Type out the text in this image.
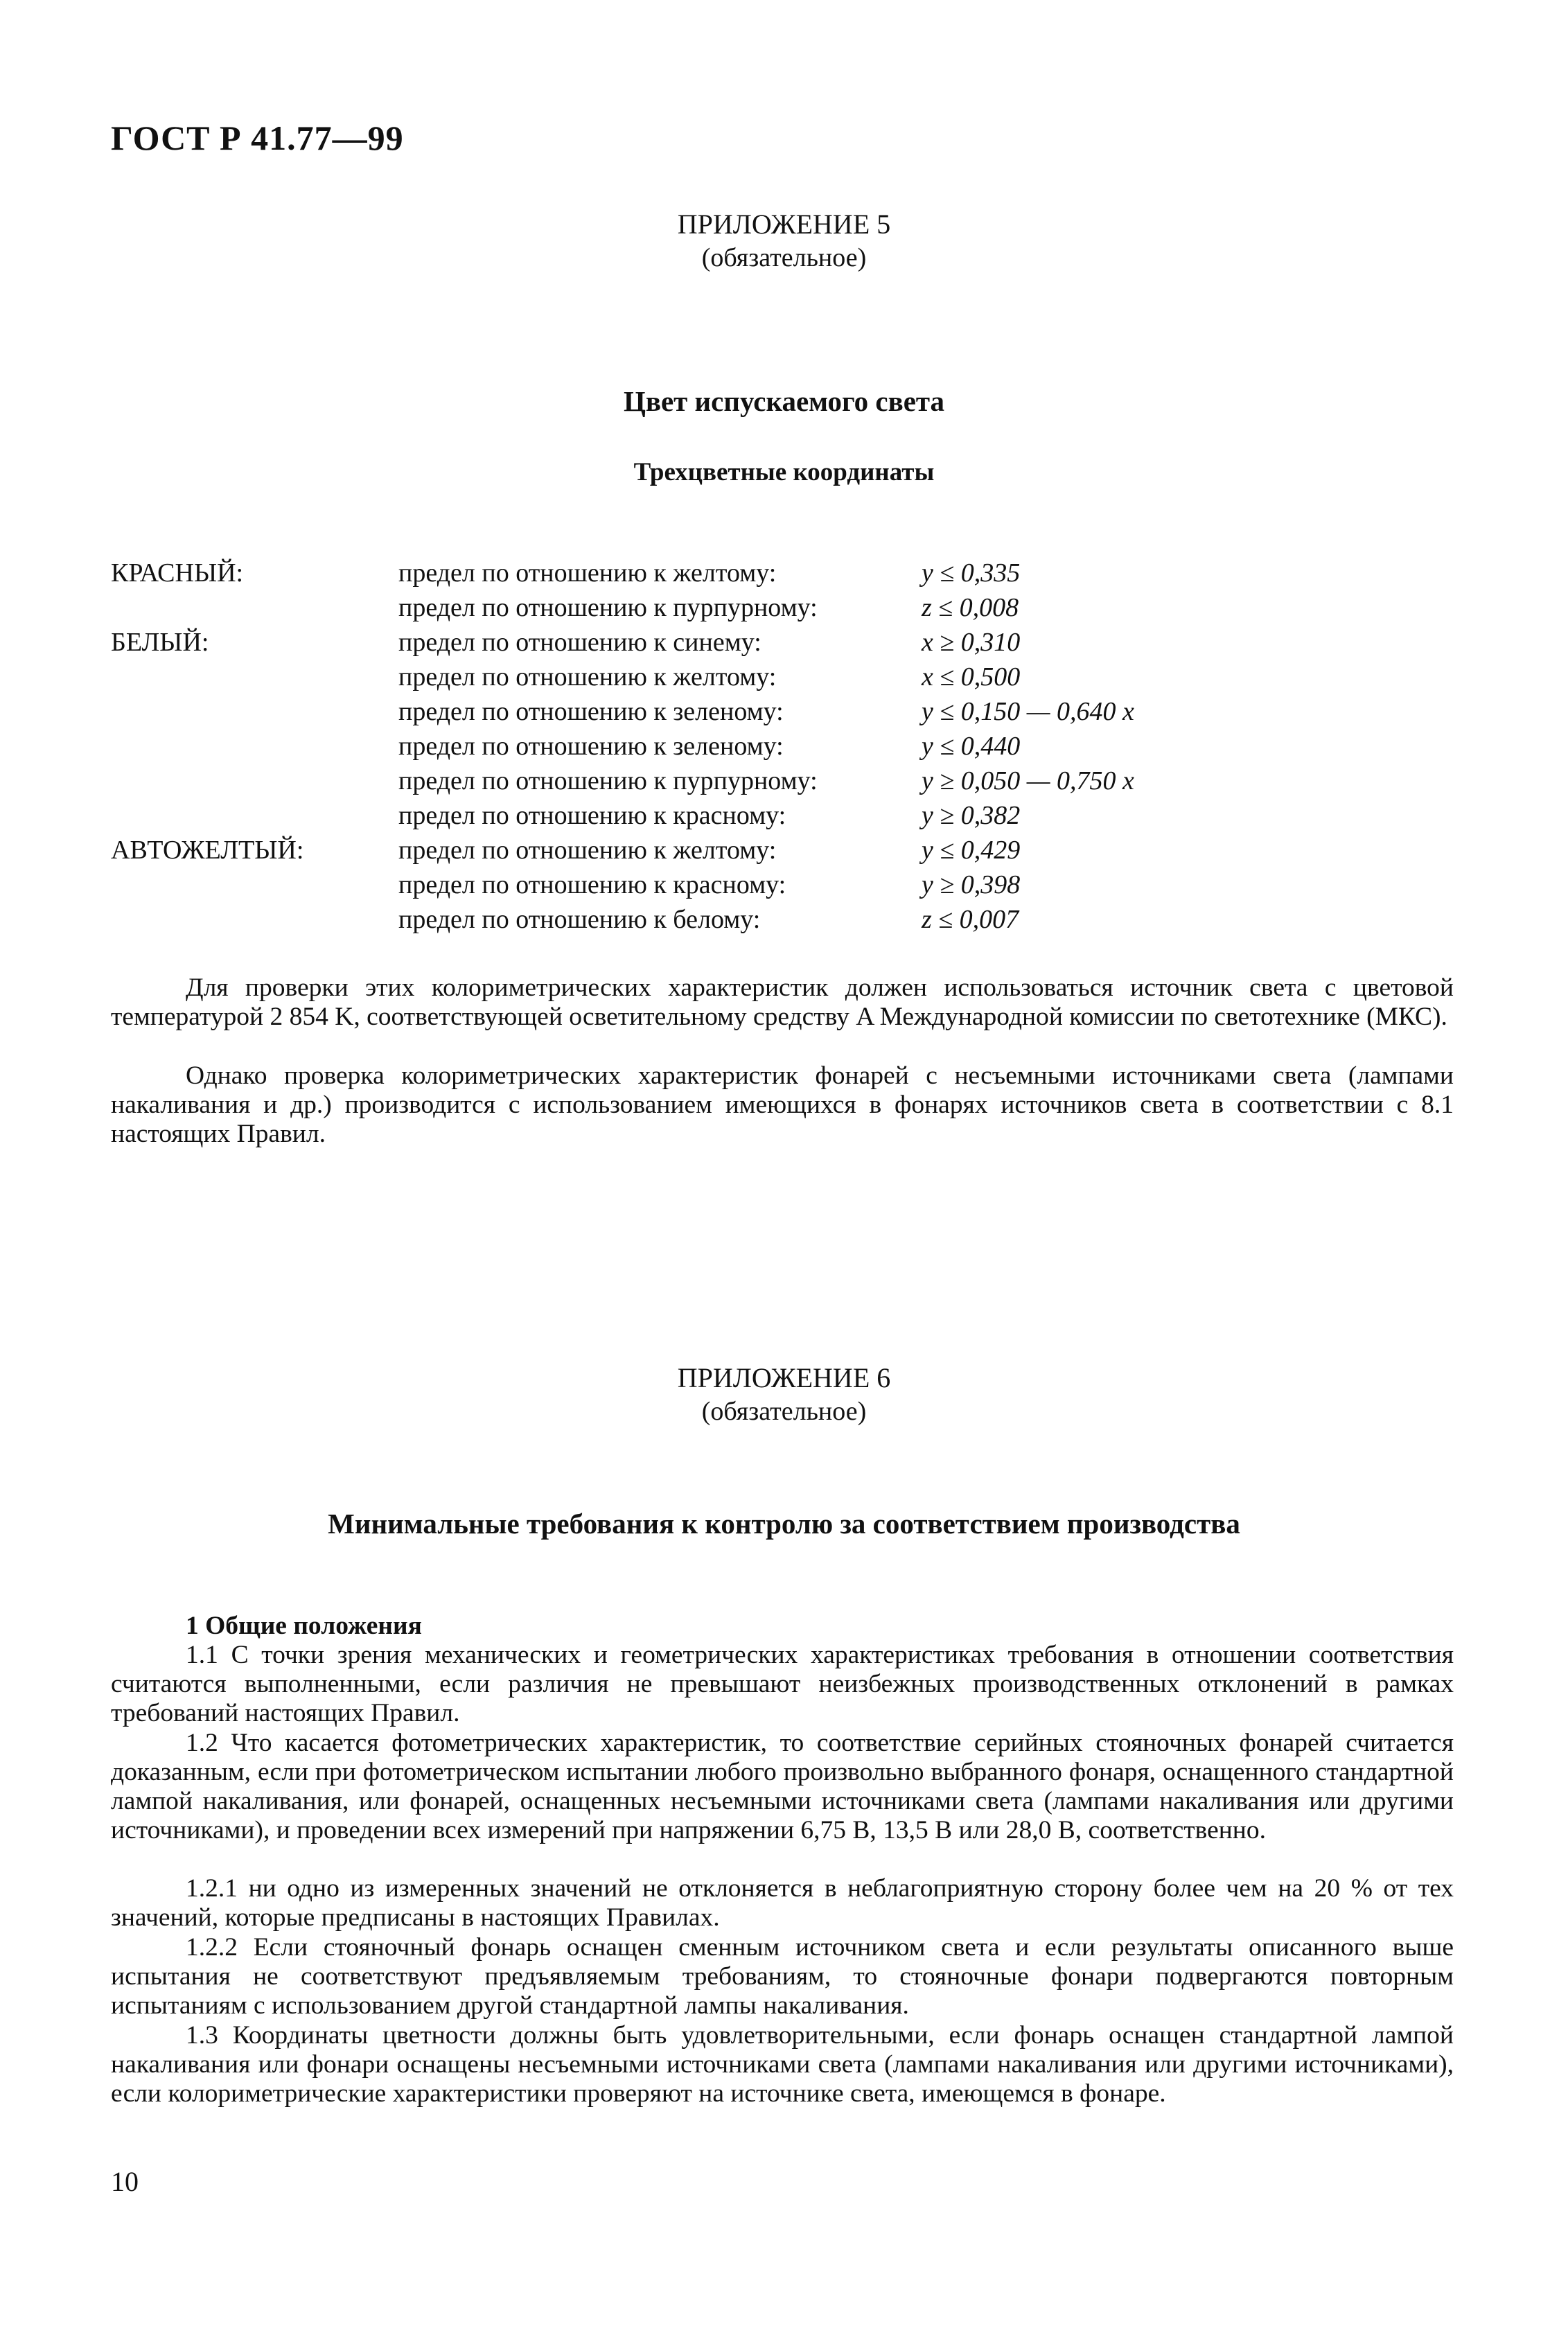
ГОСТ Р 41.77—99
ПРИЛОЖЕНИЕ 5
(обязательное)
Цвет испускаемого света
Трехцветные координаты
КРАСНЫЙ:	предел по отношению к желтому:	y ≤ 0,335
предел по отношению к пурпурному:	z ≤ 0,008
БЕЛЫЙ:	предел по отношению к синему:	x ≥ 0,310
предел по отношению к желтому:	x ≤ 0,500
предел по отношению к зеленому:	y ≤ 0,150 — 0,640 x
предел по отношению к зеленому:	y ≤ 0,440
предел по отношению к пурпурному:	y ≥ 0,050 — 0,750 x
предел по отношению к красному:	y ≥ 0,382
АВТОЖЕЛТЫЙ:	предел по отношению к желтому:	y ≤ 0,429
предел по отношению к красному:	y ≥ 0,398
предел по отношению к белому:	z ≤ 0,007
Для проверки этих колориметрических характеристик должен использоваться источник света с цветовой температурой 2 854 K, соответствующей осветительному средству A Международной комиссии по светотехнике (МКС).
Однако проверка колориметрических характеристик фонарей с несъемными источниками света (лампами накаливания и др.) производится с использованием имеющихся в фонарях источников света в соответствии с 8.1 настоящих Правил.
ПРИЛОЖЕНИЕ 6
(обязательное)
Минимальные требования к контролю за соответствием производства
1 Общие положения
1.1 С точки зрения механических и геометрических характеристиках требования в отношении соответствия считаются выполненными, если различия не превышают неизбежных производственных отклонений в рамках требований настоящих Правил.
1.2 Что касается фотометрических характеристик, то соответствие серийных стояночных фонарей считается доказанным, если при фотометрическом испытании любого произвольно выбранного фонаря, оснащенного стандартной лампой накаливания, или фонарей, оснащенных несъемными источниками света (лампами накаливания или другими источниками), и проведении всех измерений при напряжении 6,75 В, 13,5 В или 28,0 В, соответственно.
1.2.1 ни одно из измеренных значений не отклоняется в неблагоприятную сторону более чем на 20 % от тех значений, которые предписаны в настоящих Правилах.
1.2.2 Если стояночный фонарь оснащен сменным источником света и если результаты описанного выше испытания не соответствуют предъявляемым требованиям, то стояночные фонари подвергаются повторным испытаниям с использованием другой стандартной лампы накаливания.
1.3 Координаты цветности должны быть удовлетворительными, если фонарь оснащен стандартной лампой накаливания или фонари оснащены несъемными источниками света (лампами накаливания или другими источниками), если колориметрические характеристики проверяют на источнике света, имеющемся в фонаре.
10
